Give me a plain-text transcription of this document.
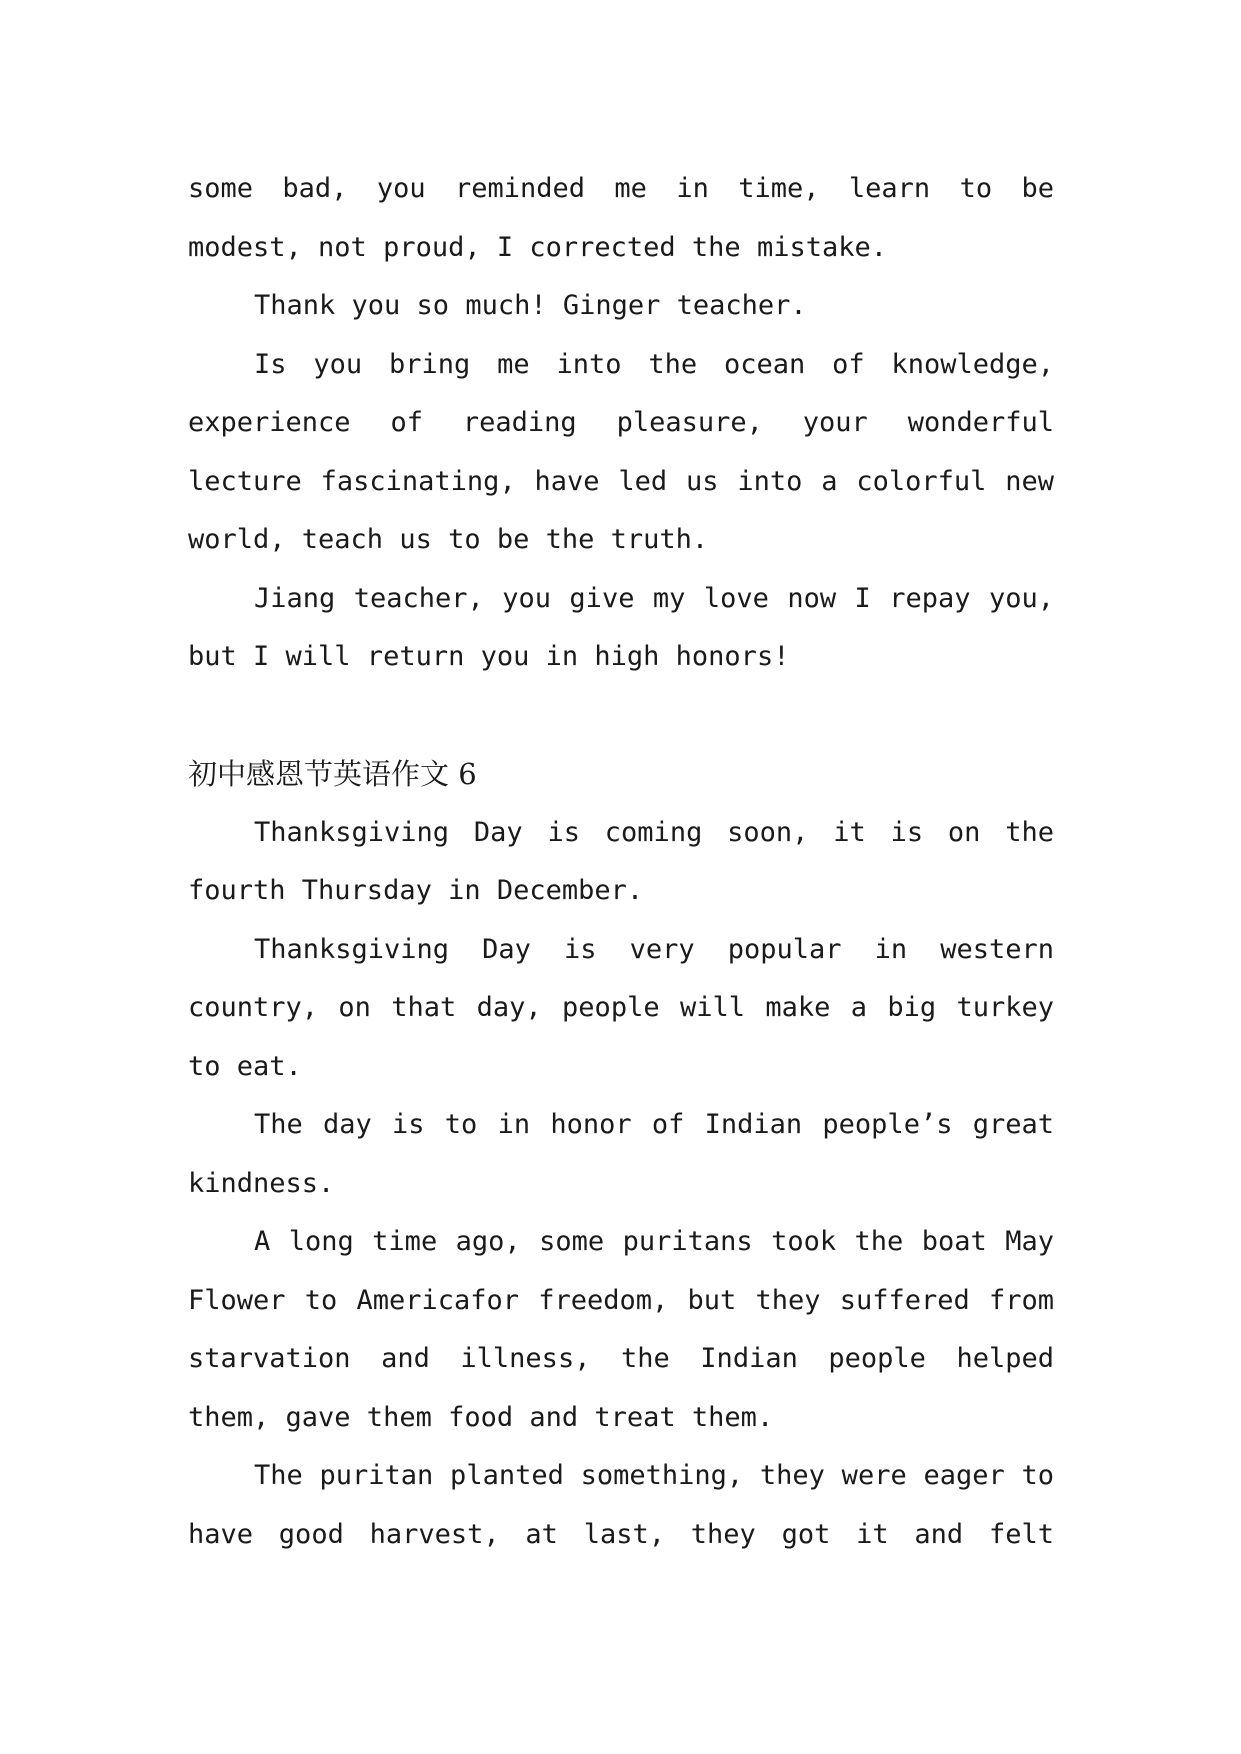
some bad, you reminded me in time, learn to be modest, not proud, I corrected the mistake.

Thank you so much! Ginger teacher.

Is you bring me into the ocean of knowledge, experience of reading pleasure, your wonderful lecture fascinating, have led us into a colorful new world, teach us to be the truth.

Jiang teacher, you give my love now I repay you, but I will return you in high honors!

初中感恩节英语作文 6

Thanksgiving Day is coming soon, it is on the fourth Thursday in December.

Thanksgiving Day is very popular in western country, on that day, people will make a big turkey to eat.

The day is to in honor of Indian people’s great kindness.

A long time ago, some puritans took the boat May Flower to Americafor freedom, but they suffered from starvation and illness, the Indian people helped them, gave them food and treat them.

The puritan planted something, they were eager to have good harvest, at last, they got it and felt
